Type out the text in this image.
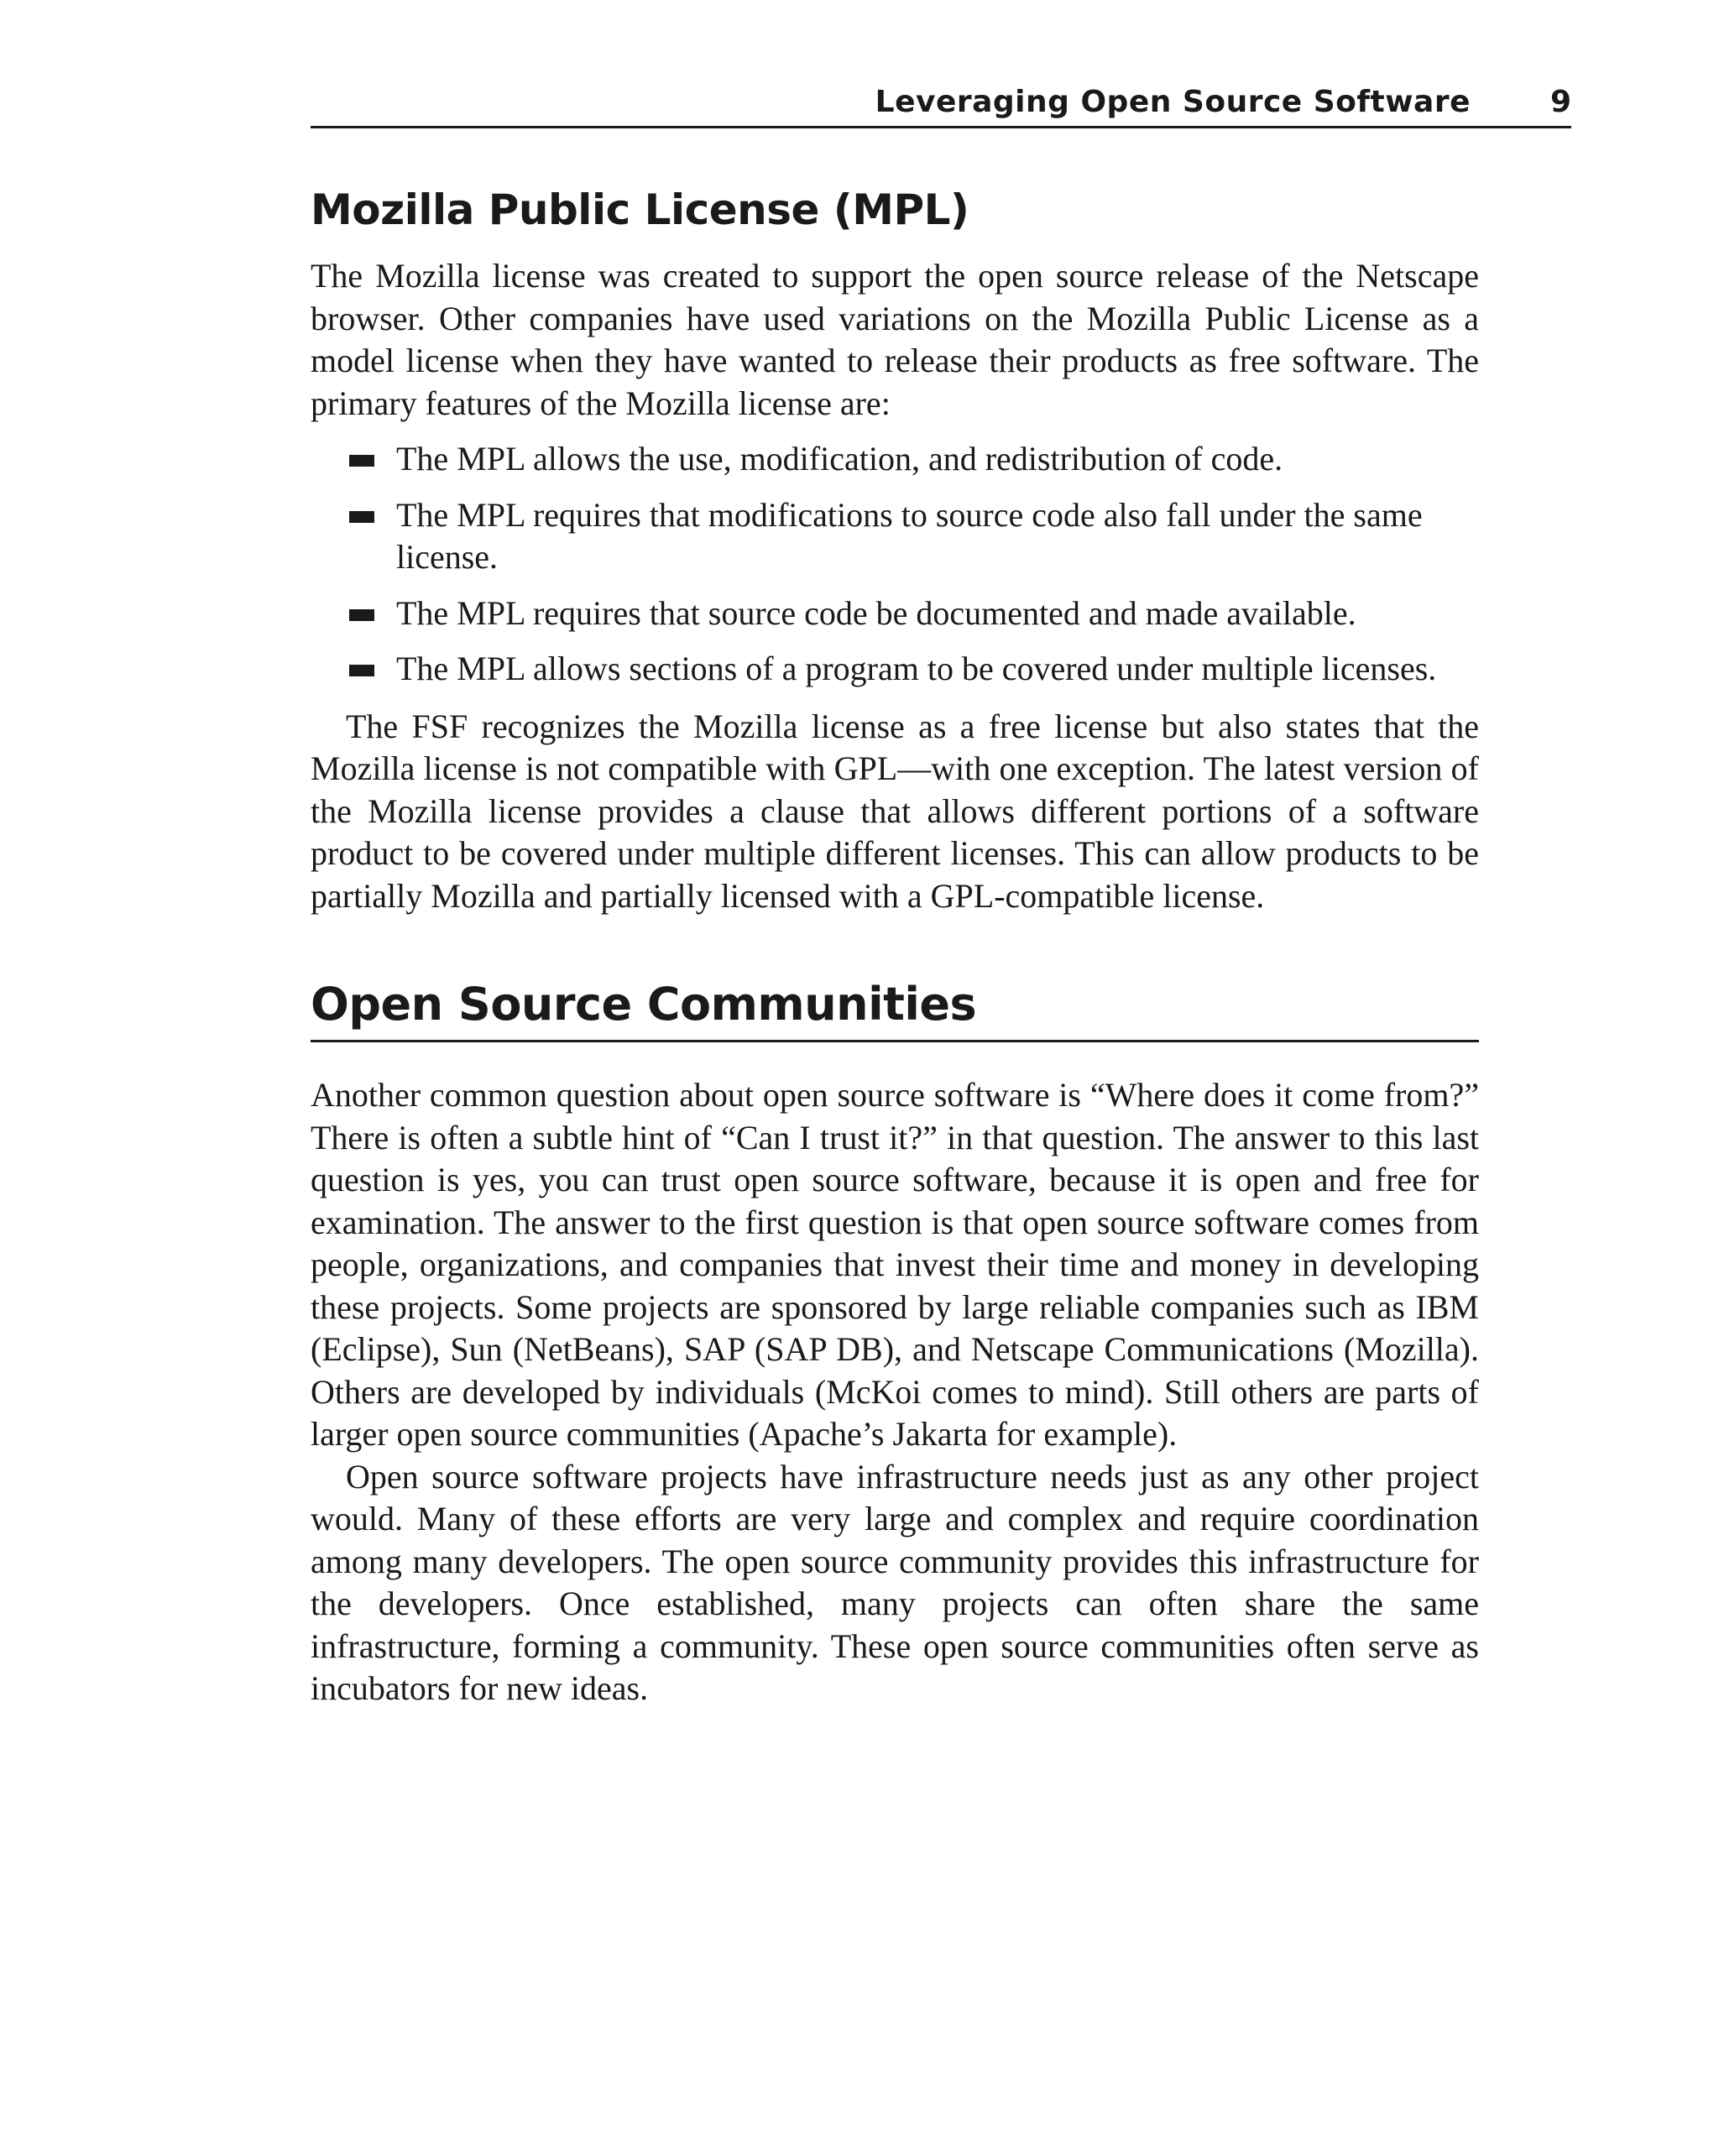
Leveraging Open Source Software	9
Mozilla Public License (MPL)

The Mozilla license was created to support the open source release of the Netscape browser. Other companies have used variations on the Mozilla Public License as a model license when they have wanted to release their products as free software. The primary features of the Mozilla license are:

The MPL allows the use, modification, and redistribution of code.
The MPL requires that modifications to source code also fall under the same license.
The MPL requires that source code be documented and made available.
The MPL allows sections of a program to be covered under multiple licenses.

The FSF recognizes the Mozilla license as a free license but also states that the Mozilla license is not compatible with GPL—with one exception. The latest version of the Mozilla license provides a clause that allows different portions of a software product to be covered under multiple different licenses. This can allow products to be partially Mozilla and partially licensed with a GPL-compatible license.

Open Source Communities

Another common question about open source software is “Where does it come from?” There is often a subtle hint of “Can I trust it?” in that question. The answer to this last question is yes, you can trust open source software, because it is open and free for examination. The answer to the first question is that open source software comes from people, organizations, and companies that invest their time and money in developing these projects. Some projects are sponsored by large reliable companies such as IBM (Eclipse), Sun (NetBeans), SAP (SAP DB), and Netscape Communications (Mozilla). Others are developed by individuals (McKoi comes to mind). Still others are parts of larger open source communities (Apache’s Jakarta for example).

Open source software projects have infrastructure needs just as any other project would. Many of these efforts are very large and complex and require coordination among many developers. The open source community provides this infrastructure for the developers. Once established, many projects can often share the same infrastructure, forming a community. These open source communities often serve as incubators for new ideas.
